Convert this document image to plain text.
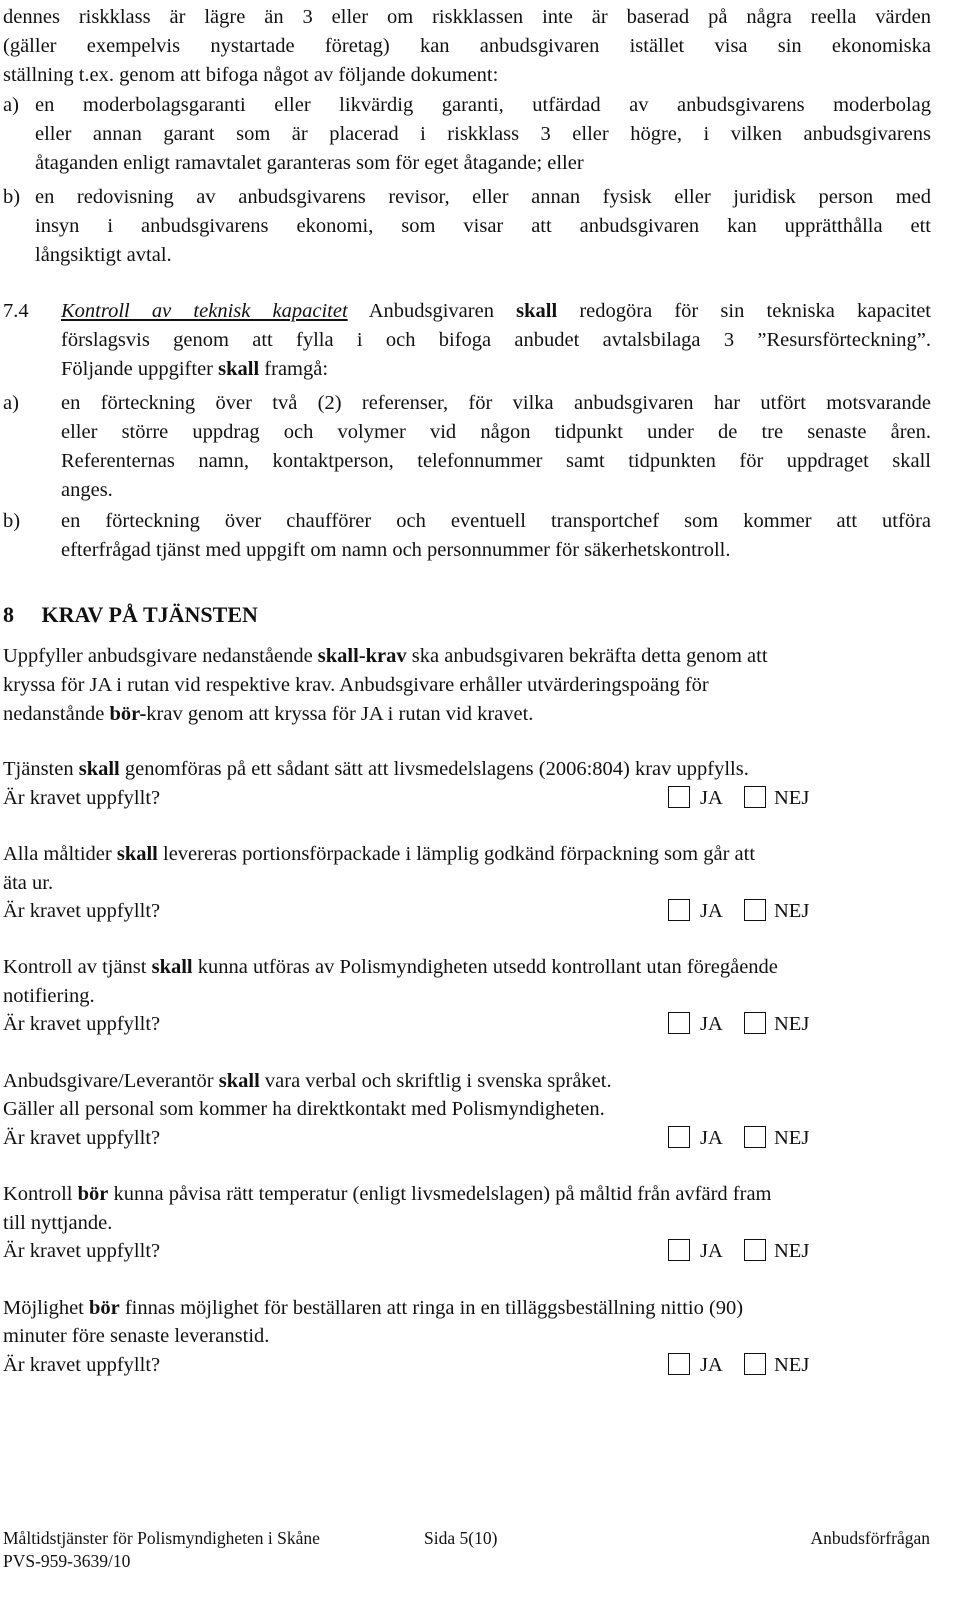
dennes riskklass är lägre än 3 eller om riskklassen inte är baserad på några reella värden
(gäller exempelvis nystartade företag) kan anbudsgivaren istället visa sin ekonomiska
ställning t.ex. genom att bifoga något av följande dokument:
a) en moderbolagsgaranti eller likvärdig garanti, utfärdad av anbudsgivarens moderbolag
eller annan garant som är placerad i riskklass 3 eller högre, i vilken anbudsgivarens
åtaganden enligt ramavtalet garanteras som för eget åtagande; eller
b) en redovisning av anbudsgivarens revisor, eller annan fysisk eller juridisk person med
insyn i anbudsgivarens ekonomi, som visar att anbudsgivaren kan upprätthålla ett
långsiktigt avtal.
7.4 Kontroll av teknisk kapacitet Anbudsgivaren skall redogöra för sin tekniska kapacitet
förslagsvis genom att fylla i och bifoga anbudet avtalsbilaga 3 ”Resursförteckning”.
Följande uppgifter skall framgå:
a) en förteckning över två (2) referenser, för vilka anbudsgivaren har utfört motsvarande
eller större uppdrag och volymer vid någon tidpunkt under de tre senaste åren.
Referenternas namn, kontaktperson, telefonnummer samt tidpunkten för uppdraget skall
anges.
b) en förteckning över chaufförer och eventuell transportchef som kommer att utföra
efterfrågad tjänst med uppgift om namn och personnummer för säkerhetskontroll.
8     KRAV PÅ TJÄNSTEN
Uppfyller anbudsgivare nedanstående skall-krav ska anbudsgivaren bekräfta detta genom att
kryssa för JA i rutan vid respektive krav. Anbudsgivare erhåller utvärderingspoäng för
nedanstånde bör-krav genom att kryssa för JA i rutan vid kravet.
Tjänsten skall genomföras på ett sådant sätt att livsmedelslagens (2006:804) krav uppfylls.
Är kravet uppfyllt?	JA NEJ
Alla måltider skall levereras portionsförpackade i lämplig godkänd förpackning som går att
äta ur.
Är kravet uppfyllt?	JA NEJ
Kontroll av tjänst skall kunna utföras av Polismyndigheten utsedd kontrollant utan föregående
notifiering.
Är kravet uppfyllt?	JA NEJ
Anbudsgivare/Leverantör skall vara verbal och skriftlig i svenska språket.
Gäller all personal som kommer ha direktkontakt med Polismyndigheten.
Är kravet uppfyllt?	JA NEJ
Kontroll bör kunna påvisa rätt temperatur (enligt livsmedelslagen) på måltid från avfärd fram
till nyttjande.
Är kravet uppfyllt?	JA NEJ
Möjlighet bör finnas möjlighet för beställaren att ringa in en tilläggsbeställning nittio (90)
minuter före senaste leveranstid.
Är kravet uppfyllt?	JA NEJ
Måltidstjänster för Polismyndigheten i Skåne	Sida 5(10)	Anbudsförfrågan
PVS-959-3639/10
